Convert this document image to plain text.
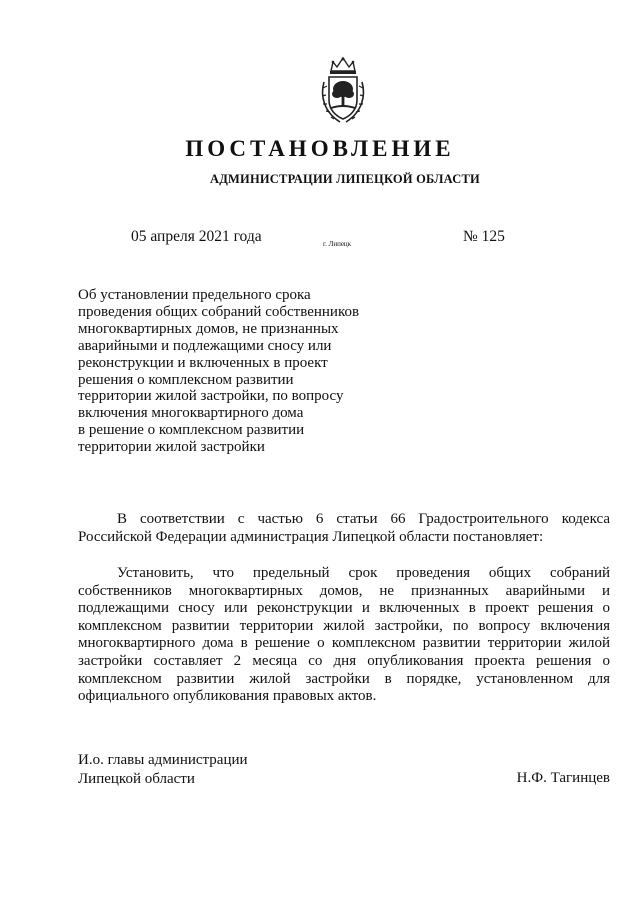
ПОСТАНОВЛЕНИЕ
АДМИНИСТРАЦИИ ЛИПЕЦКОЙ ОБЛАСТИ
05 апреля 2021 года	г. Липецк	№ 125
Об установлении предельного срока
проведения общих собраний собственников
многоквартирных домов, не признанных
аварийными и подлежащими сносу или
реконструкции и включенных в проект
решения о комплексном развитии
территории жилой застройки, по вопросу
включения многоквартирного дома
в решение о комплексном развитии
территории жилой застройки

В соответствии с частью 6 статьи 66 Градостроительного кодекса Российской Федерации администрация Липецкой области постановляет:

Установить, что предельный срок проведения общих собраний собственников многоквартирных домов, не признанных аварийными и подлежащими сносу или реконструкции и включенных в проект решения о комплексном развитии территории жилой застройки, по вопросу включения многоквартирного дома в решение о комплексном развитии территории жилой застройки составляет 2 месяца со дня опубликования проекта решения о комплексном развитии жилой застройки в порядке, установленном для официального опубликования правовых актов.

И.о. главы администрации
Липецкой области	Н.Ф. Тагинцев
